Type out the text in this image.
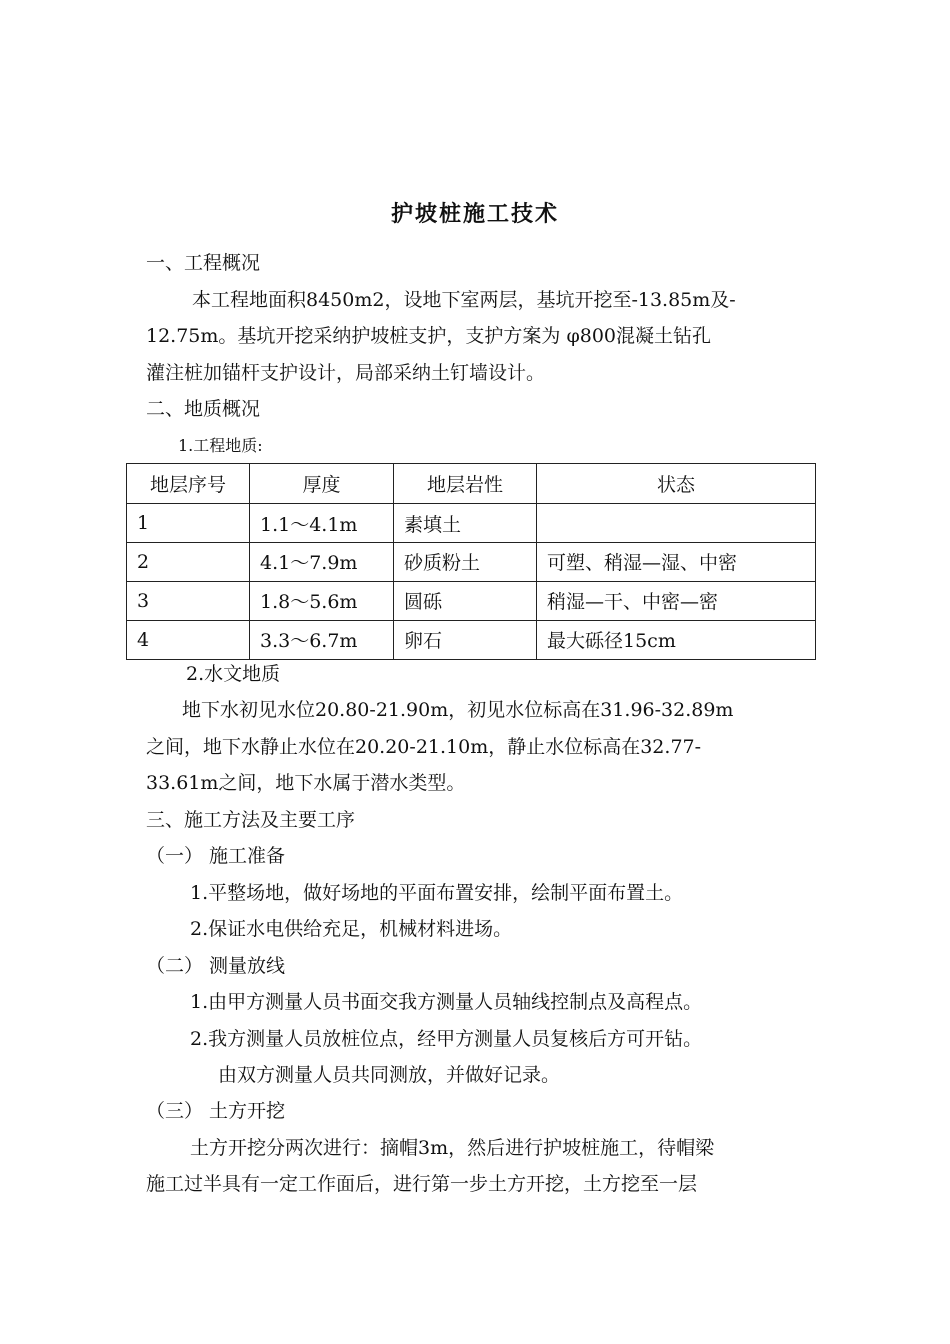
护坡桩施工技术
一、工程概况
本工程地面积8450m2，设地下室两层，基坑开挖至-13.85m及-
12.75m。基坑开挖采纳护坡桩支护，支护方案为 φ800混凝土钻孔
灌注桩加锚杆支护设计，局部采纳土钉墙设计。
二、地质概况
1.工程地质:
地层序号	厚度	地层岩性	状态
1	1.1～4.1m	素填土	
2	4.1～7.9m	砂质粉土	可塑、稍湿—湿、中密
3	1.8～5.6m	圆砾	稍湿—干、中密—密
4	3.3～6.7m	卵石	最大砾径15cm
2.水文地质
地下水初见水位20.80-21.90m，初见水位标高在31.96-32.89m
之间，地下水静止水位在20.20-21.10m，静止水位标高在32.77-
33.61m之间，地下水属于潜水类型。
三、施工方法及主要工序
（一） 施工准备
1.平整场地，做好场地的平面布置安排，绘制平面布置土。
2.保证水电供给充足，机械材料进场。
（二） 测量放线
1.由甲方测量人员书面交我方测量人员轴线控制点及高程点。
2.我方测量人员放桩位点，经甲方测量人员复核后方可开钻。
由双方测量人员共同测放，并做好记录。
（三） 土方开挖
土方开挖分两次进行：摘帽3m，然后进行护坡桩施工，待帽梁
施工过半具有一定工作面后，进行第一步土方开挖，土方挖至一层
